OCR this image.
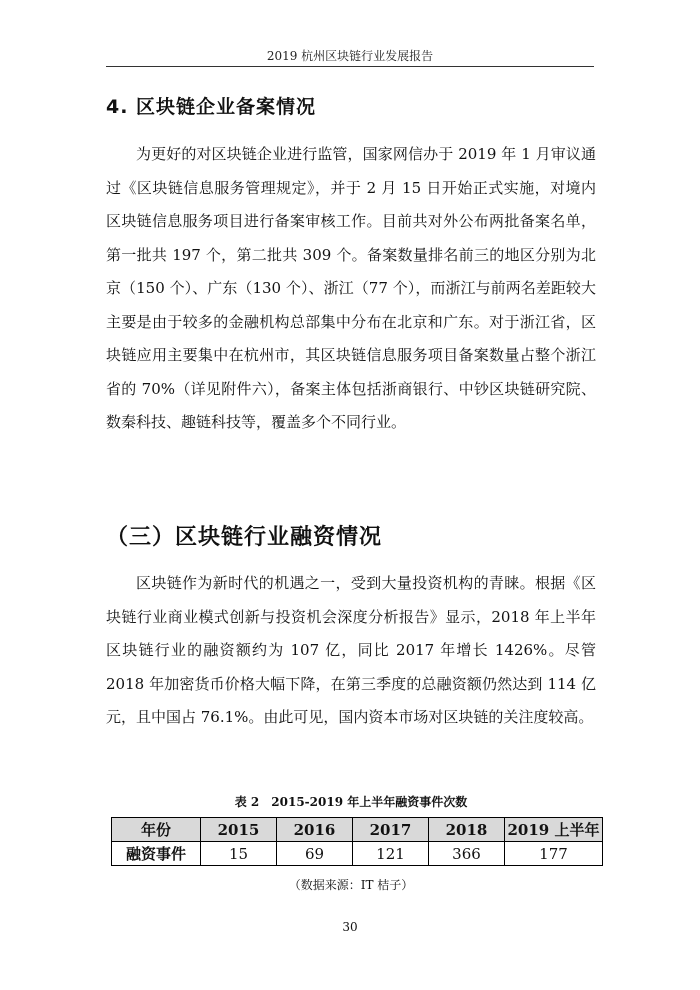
2019 杭州区块链行业发展报告
4. 区块链企业备案情况

为更好的对区块链企业进行监管，国家网信办于 2019 年 1 月审议通过《区块链信息服务管理规定》，并于 2 月 15 日开始正式实施，对境内区块链信息服务项目进行备案审核工作。目前共对外公布两批备案名单，第一批共 197 个，第二批共 309 个。备案数量排名前三的地区分别为北京（150 个）、广东（130 个）、浙江（77 个），而浙江与前两名差距较大主要是由于较多的金融机构总部集中分布在北京和广东。对于浙江省，区块链应用主要集中在杭州市，其区块链信息服务项目备案数量占整个浙江省的 70%（详见附件六），备案主体包括浙商银行、中钞区块链研究院、数秦科技、趣链科技等，覆盖多个不同行业。

（三）区块链行业融资情况

区块链作为新时代的机遇之一，受到大量投资机构的青睐。根据《区块链行业商业模式创新与投资机会深度分析报告》显示，2018 年上半年区块链行业的融资额约为 107 亿，同比 2017 年增长 1426%。尽管 2018 年加密货币价格大幅下降，在第三季度的总融资额仍然达到 114 亿元，且中国占 76.1%。由此可见，国内资本市场对区块链的关注度较高。

表 2　2015-2019 年上半年融资事件次数
年份	2015	2016	2017	2018	2019 上半年
融资事件	15	69	121	366	177
（数据来源：IT 桔子）
30
